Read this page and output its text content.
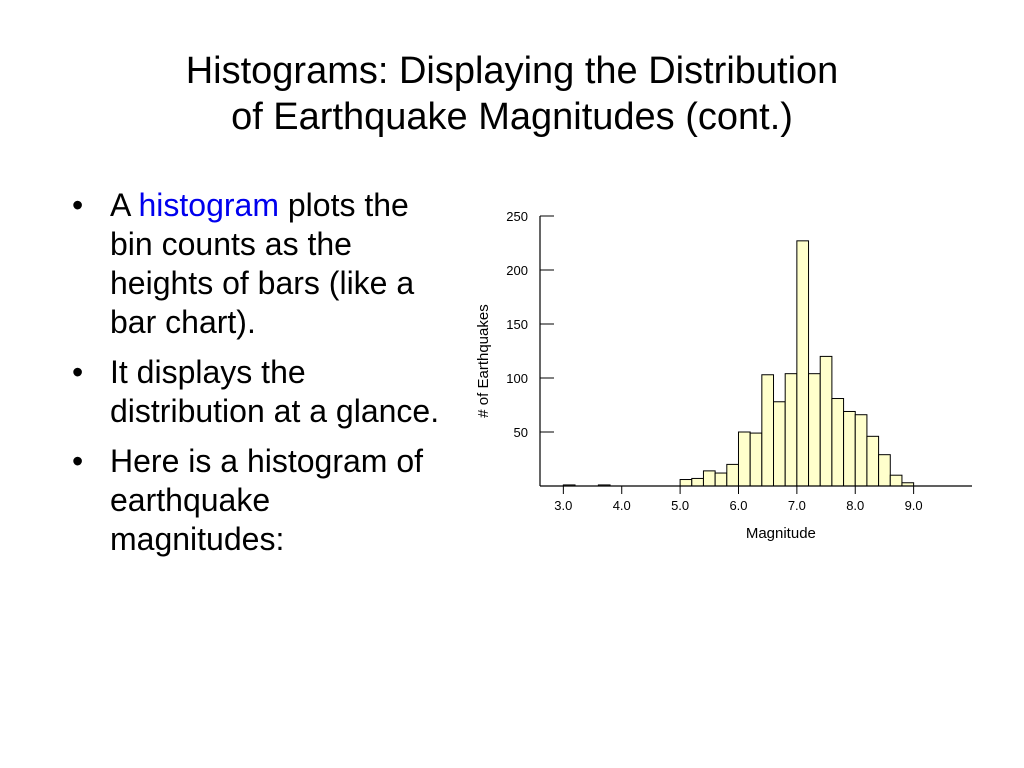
Histograms: Displaying the Distribution
of Earthquake Magnitudes (cont.)
• A histogram plots the bin counts as the heights of bars (like a bar chart).
• It displays the distribution at a glance.
• Here is a histogram of earthquake magnitudes:
50
100
150
200
250
3.0	4.0	5.0	6.0	7.0	8.0	9.0
Magnitude
# of Earthquakes
